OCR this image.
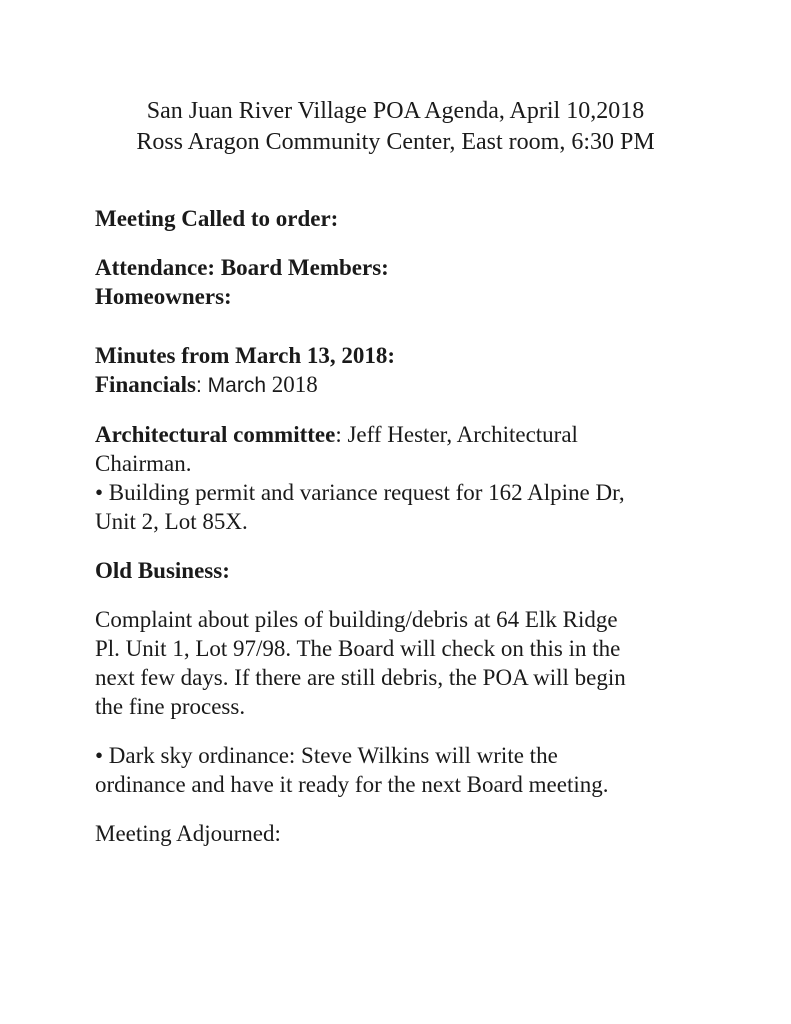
San Juan River Village POA Agenda, April 10,2018
Ross Aragon Community Center, East room, 6:30 PM
Meeting Called to order:
Attendance: Board Members:
Homeowners:
Minutes from March 13, 2018:
Financials: March 2018
Architectural committee: Jeff Hester, Architectural
Chairman.
• Building permit and variance request for 162 Alpine Dr,
Unit 2, Lot 85X.
Old Business:
Complaint about piles of building/debris at 64 Elk Ridge
Pl. Unit 1, Lot 97/98. The Board will check on this in the
next few days. If there are still debris, the POA will begin
the fine process.
• Dark sky ordinance: Steve Wilkins will write the
ordinance and have it ready for the next Board meeting.
Meeting Adjourned:
